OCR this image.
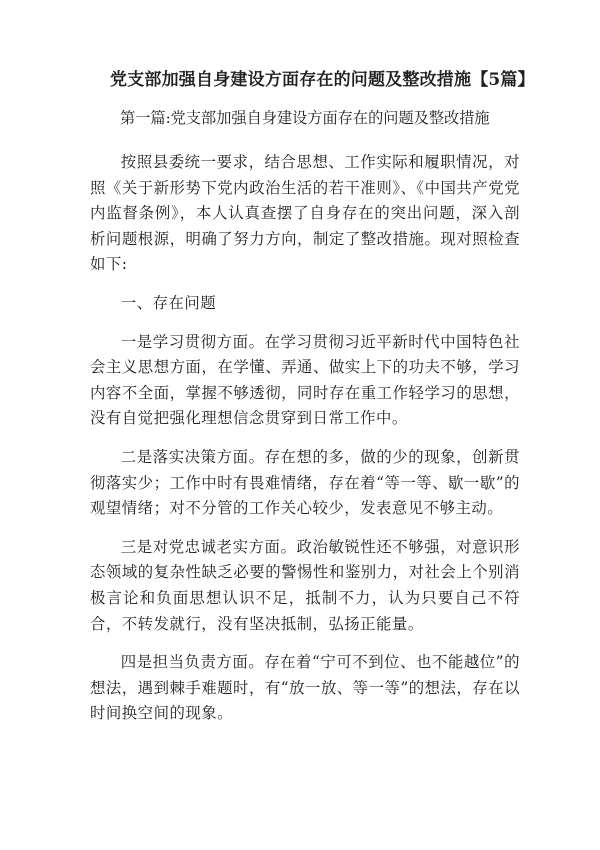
党支部加强自身建设方面存在的问题及整改措施【5篇】
第一篇:党支部加强自身建设方面存在的问题及整改措施

按照县委统一要求，结合思想、工作实际和履职情况，对照《关于新形势下党内政治生活的若干准则》、《中国共产党党内监督条例》，本人认真查摆了自身存在的突出问题，深入剖析问题根源，明确了努力方向，制定了整改措施。现对照检查如下:

一、存在问题

一是学习贯彻方面。在学习贯彻习近平新时代中国特色社会主义思想方面，在学懂、弄通、做实上下的功夫不够，学习内容不全面，掌握不够透彻，同时存在重工作轻学习的思想，没有自觉把强化理想信念贯穿到日常工作中。

二是落实决策方面。存在想的多，做的少的现象，创新贯彻落实少；工作中时有畏难情绪，存在着“等一等、歇一歇”的观望情绪；对不分管的工作关心较少，发表意见不够主动。

三是对党忠诚老实方面。政治敏锐性还不够强，对意识形态领域的复杂性缺乏必要的警惕性和鉴别力，对社会上个别消极言论和负面思想认识不足，抵制不力，认为只要自己不符合，不转发就行，没有坚决抵制，弘扬正能量。

四是担当负责方面。存在着“宁可不到位、也不能越位”的想法，遇到棘手难题时，有“放一放、等一等”的想法，存在以时间换空间的现象。
